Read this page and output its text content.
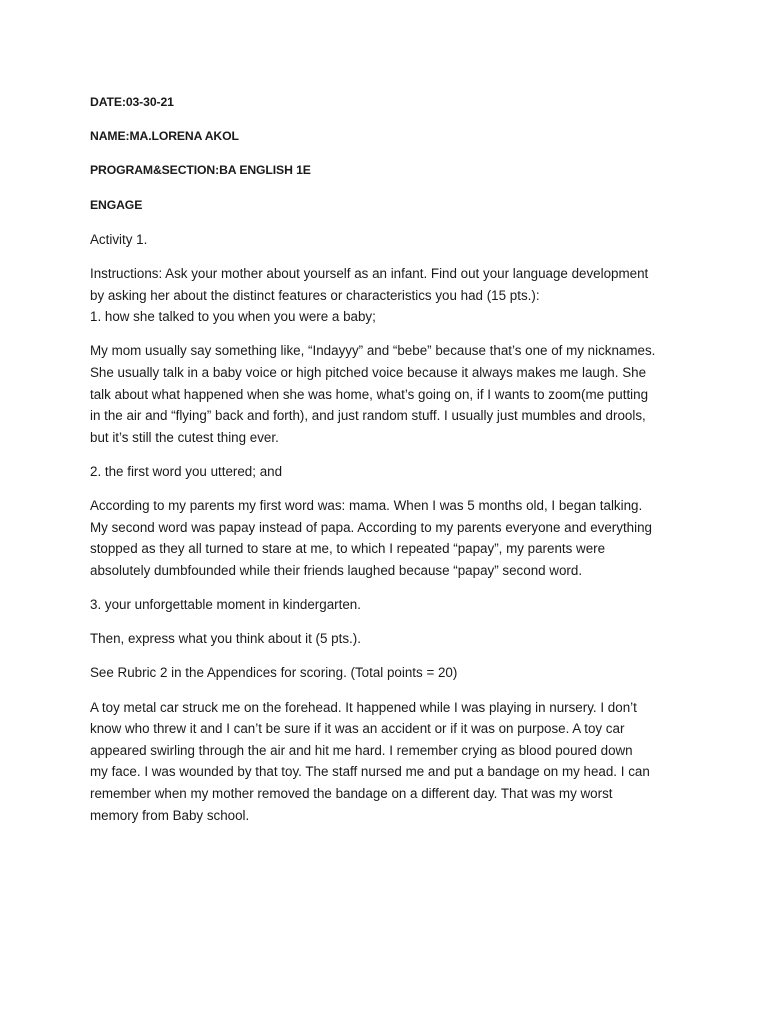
DATE:03-30-21

NAME:MA.LORENA AKOL

PROGRAM&SECTION:BA ENGLISH 1E

ENGAGE

Activity 1.

Instructions: Ask your mother about yourself as an infant. Find out your language development
by asking her about the distinct features or characteristics you had (15 pts.):
1. how she talked to you when you were a baby;

My mom usually say something like, “Indayyy” and “bebe” because that’s one of my nicknames.
She usually talk in a baby voice or high pitched voice because it always makes me laugh. She
talk about what happened when she was home, what’s going on, if I wants to zoom(me putting
in the air and “flying” back and forth), and just random stuff. I usually just mumbles and drools,
but it’s still the cutest thing ever.

2. the first word you uttered; and

According to my parents my first word was: mama. When I was 5 months old, I began talking.
My second word was papay instead of papa. According to my parents everyone and everything
stopped as they all turned to stare at me, to which I repeated “papay”, my parents were
absolutely dumbfounded while their friends laughed because “papay” second word.

3. your unforgettable moment in kindergarten.

Then, express what you think about it (5 pts.).

See Rubric 2 in the Appendices for scoring. (Total points = 20)

A toy metal car struck me on the forehead. It happened while I was playing in nursery. I don’t
know who threw it and I can’t be sure if it was an accident or if it was on purpose. A toy car
appeared swirling through the air and hit me hard. I remember crying as blood poured down
my face. I was wounded by that toy. The staff nursed me and put a bandage on my head. I can
remember when my mother removed the bandage on a different day. That was my worst
memory from Baby school.
